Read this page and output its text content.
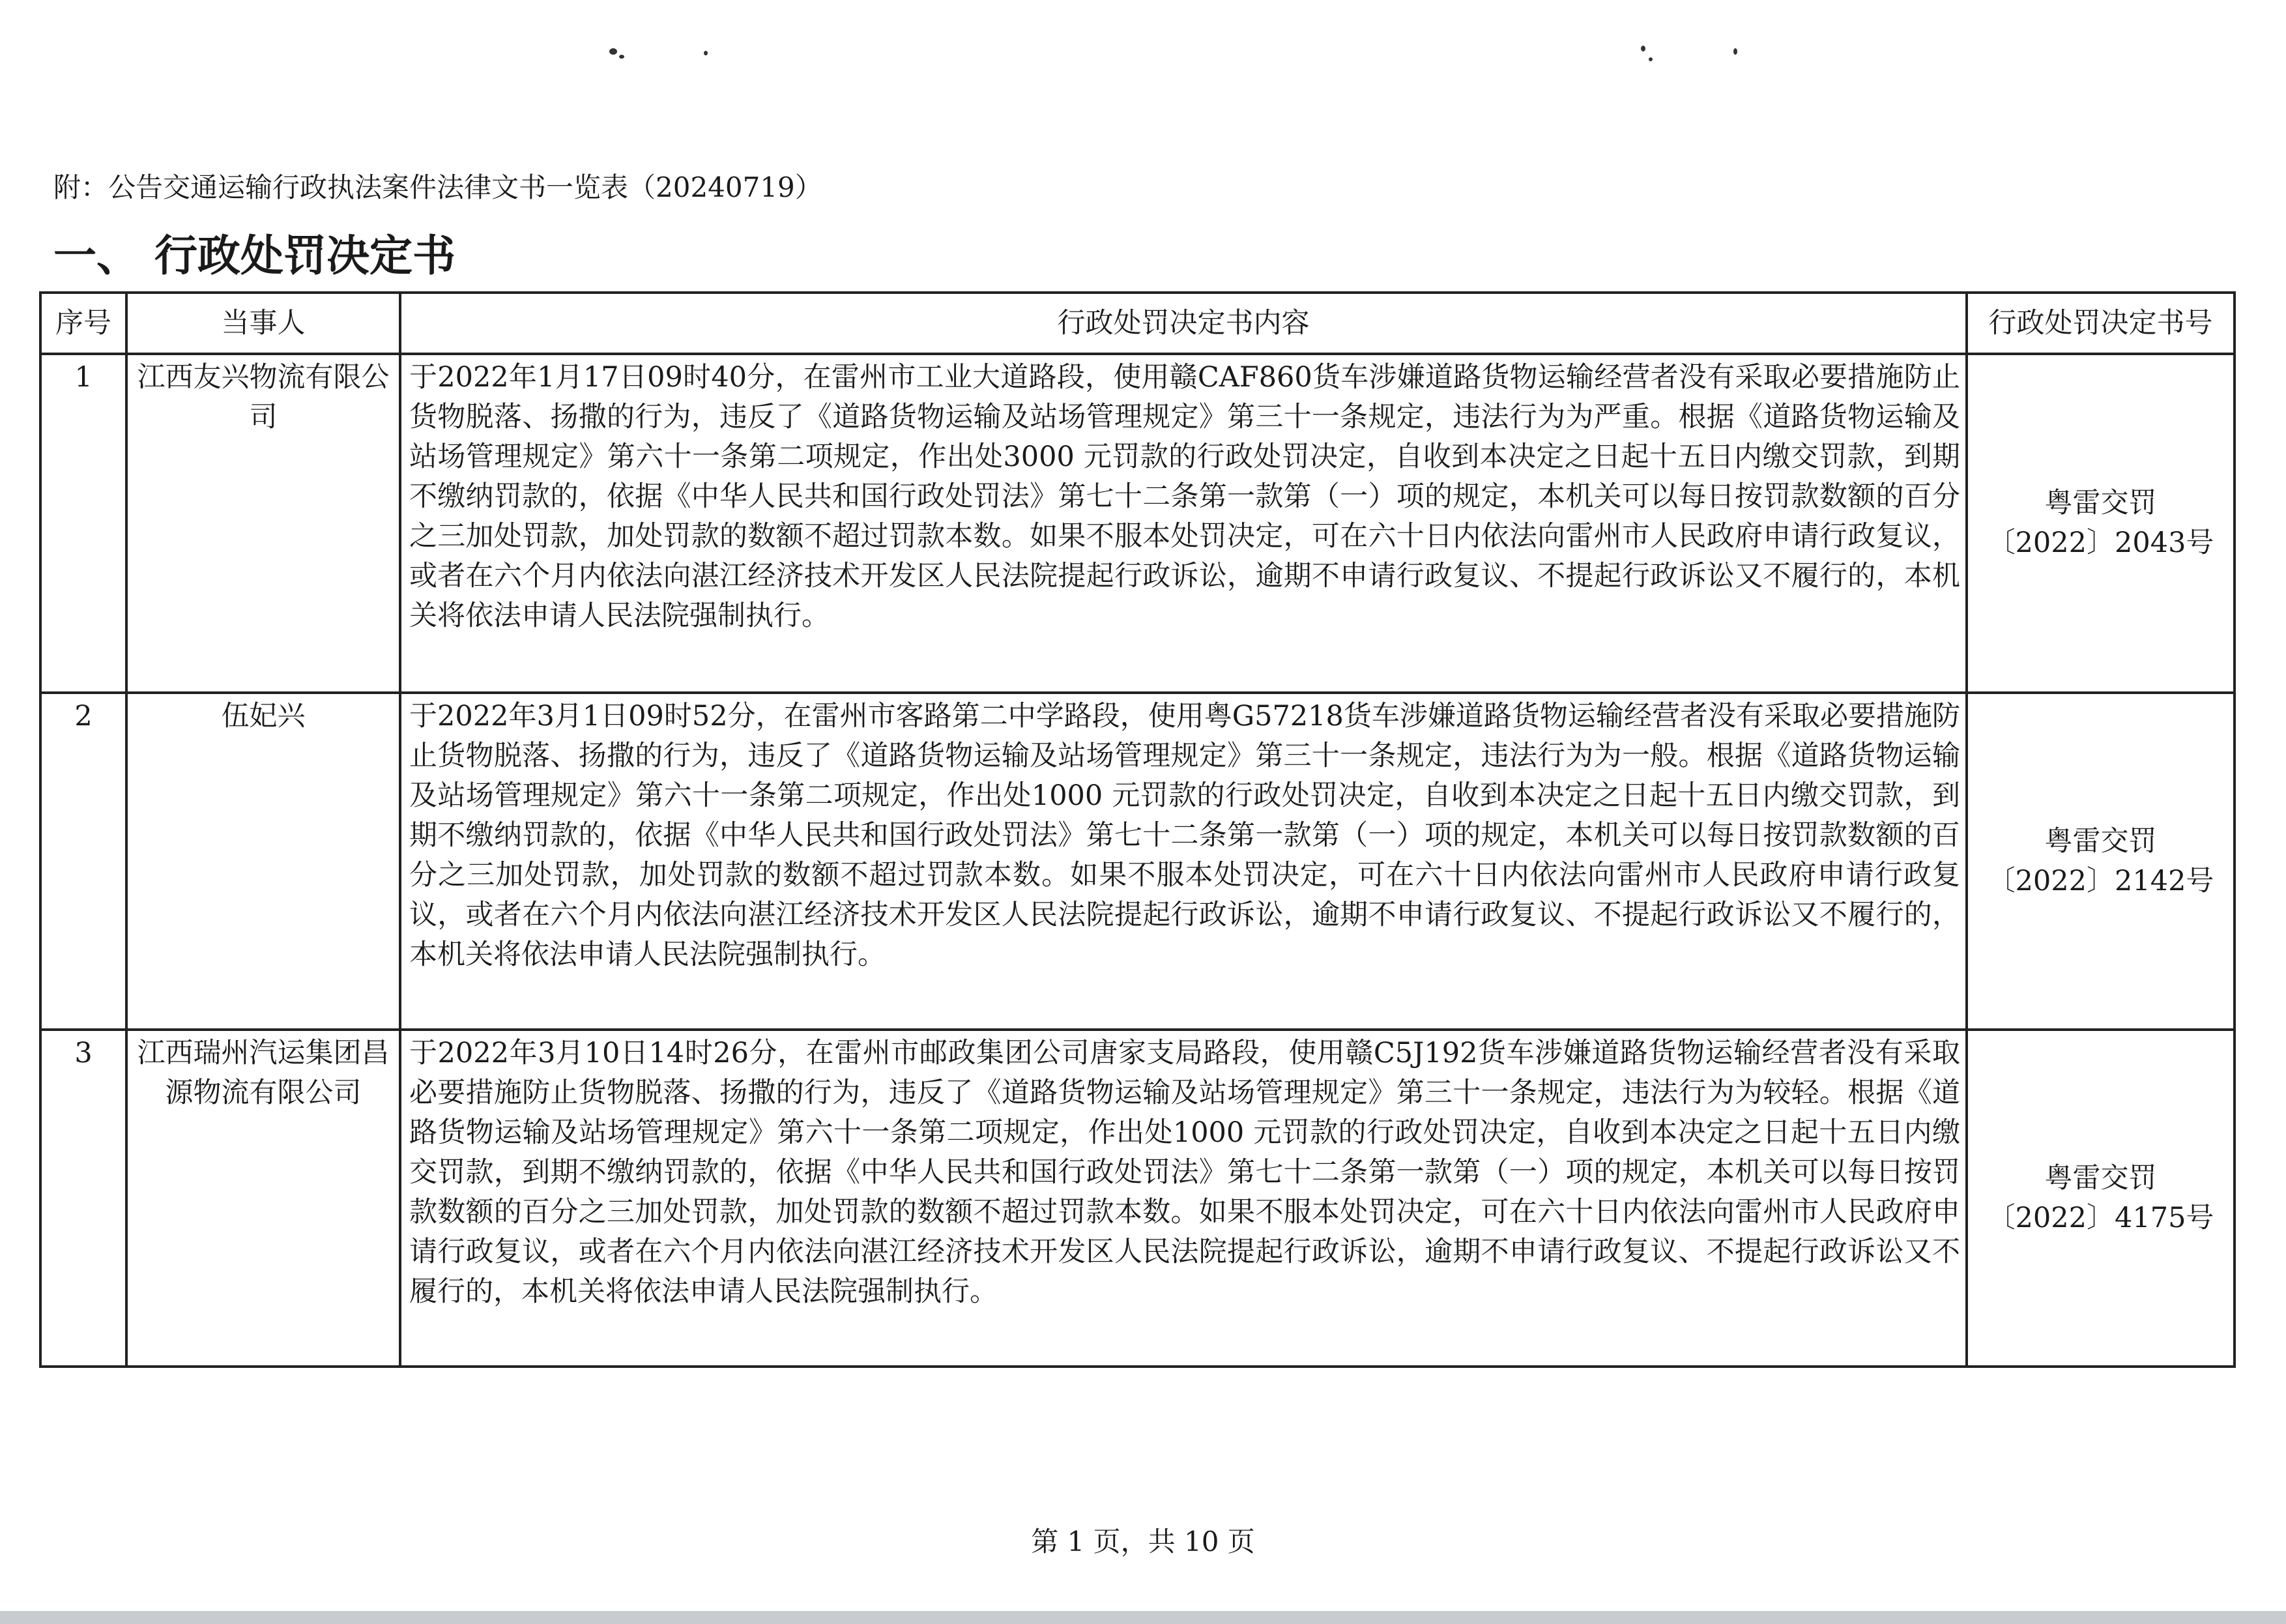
附：公告交通运输行政执法案件法律文书一览表（20240719）
一、 行政处罚决定书
序号	当事人	行政处罚决定书内容	行政处罚决定书号
1	江西友兴物流有限公司	于2022年1月17日09时40分，在雷州市工业大道路段，使用赣CAF860货车涉嫌道路货物运输经营者没有采取必要措施防止货物脱落、扬撒的行为，违反了《道路货物运输及站场管理规定》第三十一条规定，违法行为为严重。根据《道路货物运输及站场管理规定》第六十一条第二项规定，作出处3000 元罚款的行政处罚决定，自收到本决定之日起十五日内缴交罚款，到期不缴纳罚款的，依据《中华人民共和国行政处罚法》第七十二条第一款第（一）项的规定，本机关可以每日按罚款数额的百分之三加处罚款，加处罚款的数额不超过罚款本数。如果不服本处罚决定，可在六十日内依法向雷州市人民政府申请行政复议，或者在六个月内依法向湛江经济技术开发区人民法院提起行政诉讼，逾期不申请行政复议、不提起行政诉讼又不履行的，本机关将依法申请人民法院强制执行。	粤雷交罚
〔2022〕2043号

2	伍妃兴	于2022年3月1日09时52分，在雷州市客路第二中学路段，使用粤G57218货车涉嫌道路货物运输经营者没有采取必要措施防止货物脱落、扬撒的行为，违反了《道路货物运输及站场管理规定》第三十一条规定，违法行为为一般。根据《道路货物运输及站场管理规定》第六十一条第二项规定，作出处1000 元罚款的行政处罚决定，自收到本决定之日起十五日内缴交罚款，到期不缴纳罚款的，依据《中华人民共和国行政处罚法》第七十二条第一款第（一）项的规定，本机关可以每日按罚款数额的百分之三加处罚款，加处罚款的数额不超过罚款本数。如果不服本处罚决定，可在六十日内依法向雷州市人民政府申请行政复议，或者在六个月内依法向湛江经济技术开发区人民法院提起行政诉讼，逾期不申请行政复议、不提起行政诉讼又不履行的，本机关将依法申请人民法院强制执行。	粤雷交罚
〔2022〕2142号

3	江西瑞州汽运集团昌源物流有限公司	于2022年3月10日14时26分，在雷州市邮政集团公司唐家支局路段，使用赣C5J192货车涉嫌道路货物运输经营者没有采取必要措施防止货物脱落、扬撒的行为，违反了《道路货物运输及站场管理规定》第三十一条规定，违法行为为较轻。根据《道路货物运输及站场管理规定》第六十一条第二项规定，作出处1000 元罚款的行政处罚决定，自收到本决定之日起十五日内缴交罚款，到期不缴纳罚款的，依据《中华人民共和国行政处罚法》第七十二条第一款第（一）项的规定，本机关可以每日按罚款数额的百分之三加处罚款，加处罚款的数额不超过罚款本数。如果不服本处罚决定，可在六十日内依法向雷州市人民政府申请行政复议，或者在六个月内依法向湛江经济技术开发区人民法院提起行政诉讼，逾期不申请行政复议、不提起行政诉讼又不履行的，本机关将依法申请人民法院强制执行。	粤雷交罚
〔2022〕4175号
第 1 页，共 10 页
